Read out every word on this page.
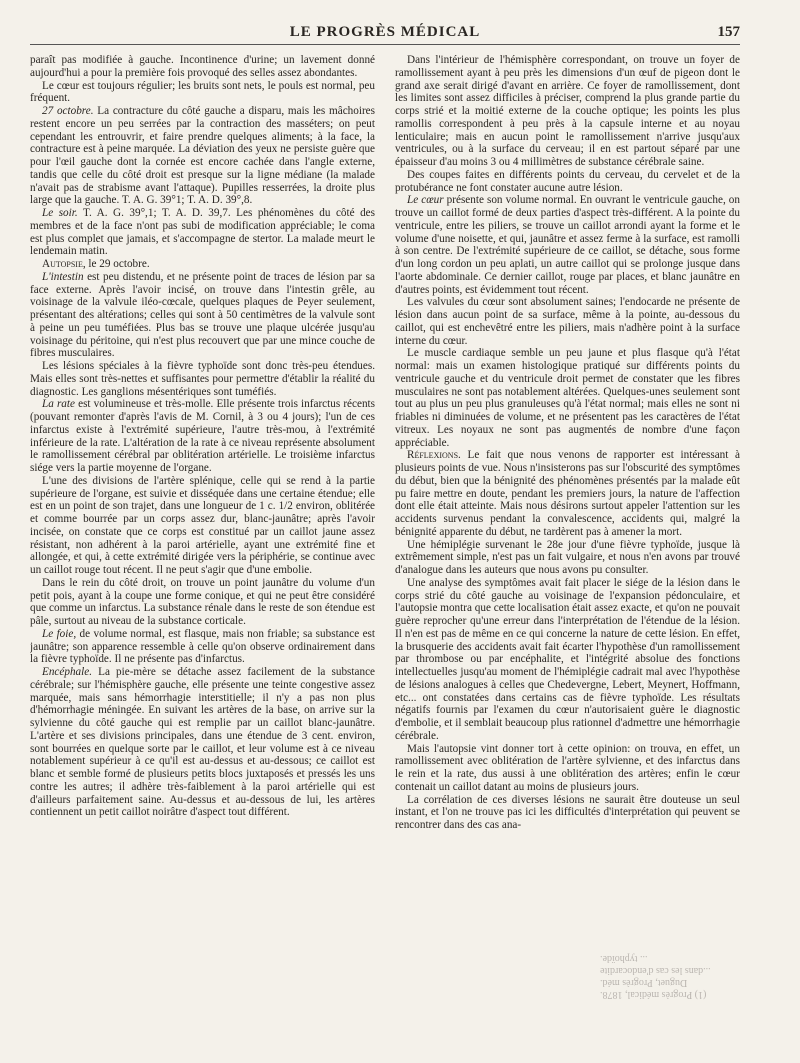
LE PROGRÈS MÉDICAL	157

paraît pas modifiée à gauche. Incontinence d'urine; un lavement donné aujourd'hui a pour la première fois provoqué des selles assez abondantes.

Le cœur est toujours régulier; les bruits sont nets, le pouls est normal, peu fréquent.

27 octobre. La contracture du côté gauche a disparu, mais les mâchoires restent encore un peu serrées par la contraction des masséters; on peut cependant les entrouvrir, et faire prendre quelques aliments; à la face, la contracture est à peine marquée. La déviation des yeux ne persiste guère que pour l'œil gauche dont la cornée est encore cachée dans l'angle externe, tandis que celle du côté droit est presque sur la ligne médiane (la malade n'avait pas de strabisme avant l'attaque). Pupilles resserrées, la droite plus large que la gauche. T. A. G. 39°1; T. A. D. 39°,8.

Le soir. T. A. G. 39°,1; T. A. D. 39,7. Les phénomènes du côté des membres et de la face n'ont pas subi de modification appréciable; le coma est plus complet que jamais, et s'accompagne de stertor. La malade meurt le lendemain matin.

Autopsie, le 29 octobre.

L'intestin est peu distendu, et ne présente point de traces de lésion par sa face externe. Après l'avoir incisé, on trouve dans l'intestin grêle, au voisinage de la valvule iléo-cœcale, quelques plaques de Peyer seulement, présentant des altérations; celles qui sont à 50 centimètres de la valvule sont à peine un peu tuméfiées. Plus bas se trouve une plaque ulcérée jusqu'au voisinage du péritoine, qui n'est plus recouvert que par une mince couche de fibres musculaires.

Les lésions spéciales à la fièvre typhoïde sont donc très-peu étendues. Mais elles sont très-nettes et suffisantes pour permettre d'établir la réalité du diagnostic. Les ganglions mésentériques sont tuméfiés.

La rate est volumineuse et très-molle. Elle présente trois infarctus récents (pouvant remonter d'après l'avis de M. Cornil, à 3 ou 4 jours); l'un de ces infarctus existe à l'extrémité supérieure, l'autre très-mou, à l'extrémité inférieure de la rate. L'altération de la rate à ce niveau représente absolument le ramollissement cérébral par oblitération artérielle. Le troisième infarctus siége vers la partie moyenne de l'organe.

L'une des divisions de l'artère splénique, celle qui se rend à la partie supérieure de l'organe, est suivie et disséquée dans une certaine étendue; elle est en un point de son trajet, dans une longueur de 1 c. 1/2 environ, oblitérée et comme bourrée par un corps assez dur, blanc-jaunâtre; après l'avoir incisée, on constate que ce corps est constitué par un caillot jaune assez résistant, non adhérent à la paroi artérielle, ayant une extrémité fine et allongée, et qui, à cette extrémité dirigée vers la périphérie, se continue avec un caillot rouge tout récent. Il ne peut s'agir que d'une embolie.

Dans le rein du côté droit, on trouve un point jaunâtre du volume d'un petit pois, ayant à la coupe une forme conique, et qui ne peut être considéré que comme un infarctus. La substance rénale dans le reste de son étendue est pâle, surtout au niveau de la substance corticale.

Le foie, de volume normal, est flasque, mais non friable; sa substance est jaunâtre; son apparence ressemble à celle qu'on observe ordinairement dans la fièvre typhoïde. Il ne présente pas d'infarctus.

Encéphale. La pie-mère se détache assez facilement de la substance cérébrale; sur l'hémisphère gauche, elle présente une teinte congestive assez marquée, mais sans hémorrhagie interstitielle; il n'y a pas non plus d'hémorrhagie méningée. En suivant les artères de la base, on arrive sur la sylvienne du côté gauche qui est remplie par un caillot blanc-jaunâtre. L'artère et ses divisions principales, dans une étendue de 3 cent. environ, sont bourrées en quelque sorte par le caillot, et leur volume est à ce niveau notablement supérieur à ce qu'il est au-dessus et au-dessous; ce caillot est blanc et semble formé de plusieurs petits blocs juxtaposés et pressés les uns contre les autres; il adhère très-faiblement à la paroi artérielle qui est d'ailleurs parfaitement saine. Au-dessus et au-dessous de lui, les artères contiennent un petit caillot noirâtre d'aspect tout différent.

Dans l'intérieur de l'hémisphère correspondant, on trouve un foyer de ramollissement ayant à peu près les dimensions d'un œuf de pigeon dont le grand axe serait dirigé d'avant en arrière. Ce foyer de ramollissement, dont les limites sont assez difficiles à préciser, comprend la plus grande partie du corps strié et la moitié externe de la couche optique; les points les plus ramollis correspondent à peu près à la capsule interne et au noyau lenticulaire; mais en aucun point le ramollissement n'arrive jusqu'aux ventricules, ou à la surface du cerveau; il en est partout séparé par une épaisseur d'au moins 3 ou 4 millimètres de substance cérébrale saine.

Des coupes faites en différents points du cerveau, du cervelet et de la protubérance ne font constater aucune autre lésion.

Le cœur présente son volume normal. En ouvrant le ventricule gauche, on trouve un caillot formé de deux parties d'aspect très-différent. A la pointe du ventricule, entre les piliers, se trouve un caillot arrondi ayant la forme et le volume d'une noisette, et qui, jaunâtre et assez ferme à la surface, est ramolli à son centre. De l'extrémité supérieure de ce caillot, se détache, sous forme d'un long cordon un peu aplati, un autre caillot qui se prolonge jusque dans l'aorte abdominale. Ce dernier caillot, rouge par places, et blanc jaunâtre en d'autres points, est évidemment tout récent.

Les valvules du cœur sont absolument saines; l'endocarde ne présente de lésion dans aucun point de sa surface, même à la pointe, au-dessous du caillot, qui est enchevêtré entre les piliers, mais n'adhère point à la surface interne du cœur.

Le muscle cardiaque semble un peu jaune et plus flasque qu'à l'état normal: mais un examen histologique pratiqué sur différents points du ventricule gauche et du ventricule droit permet de constater que les fibres musculaires ne sont pas notablement altérées. Quelques-unes seulement sont tout au plus un peu plus granuleuses qu'à l'état normal; mais elles ne sont ni friables ni diminuées de volume, et ne présentent pas les caractères de l'état vitreux. Les noyaux ne sont pas augmentés de nombre d'une façon appréciable.

Réflexions. Le fait que nous venons de rapporter est intéressant à plusieurs points de vue. Nous n'insisterons pas sur l'obscurité des symptômes du début, bien que la bénignité des phénomènes présentés par la malade eût pu faire mettre en doute, pendant les premiers jours, la nature de l'affection dont elle était atteinte. Mais nous désirons surtout appeler l'attention sur les accidents survenus pendant la convalescence, accidents qui, malgré la bénignité apparente du début, ne tardèrent pas à amener la mort.

Une hémiplégie survenant le 28e jour d'une fièvre typhoïde, jusque là extrêmement simple, n'est pas un fait vulgaire, et nous n'en avons par trouvé d'analogue dans les auteurs que nous avons pu consulter.

Une analyse des symptômes avait fait placer le siége de la lésion dans le corps strié du côté gauche au voisinage de l'expansion pédonculaire, et l'autopsie montra que cette localisation était assez exacte, et qu'on ne pouvait guère reprocher qu'une erreur dans l'interprétation de l'étendue de la lésion. Il n'en est pas de même en ce qui concerne la nature de cette lésion. En effet, la brusquerie des accidents avait fait écarter l'hypothèse d'un ramollissement par thrombose ou par encéphalite, et l'intégrité absolue des fonctions intellectuelles jusqu'au moment de l'hémiplégie cadrait mal avec l'hypothèse de lésions analogues à celles que Chedevergne, Lebert, Meynert, Hoffmann, etc... ont constatées dans certains cas de fièvre typhoïde. Les résultats négatifs fournis par l'examen du cœur n'autorisaient guère le diagnostic d'embolie, et il semblait beaucoup plus rationnel d'admettre une hémorrhagie cérébrale.

Mais l'autopsie vint donner tort à cette opinion: on trouva, en effet, un ramollissement avec oblitération de l'artère sylvienne, et des infarctus dans le rein et la rate, dus aussi à une oblitération des artères; enfin le cœur contenait un caillot datant au moins de plusieurs jours.

La corrélation de ces diverses lésions ne saurait être douteuse un seul instant, et l'on ne trouve pas ici les difficultés d'interprétation qui peuvent se rencontrer dans des cas ana-

(1) Progrès médical, 1878.
Duguet, Progrès méd.
...dans les cas d'endocardite
... typhoïde.
